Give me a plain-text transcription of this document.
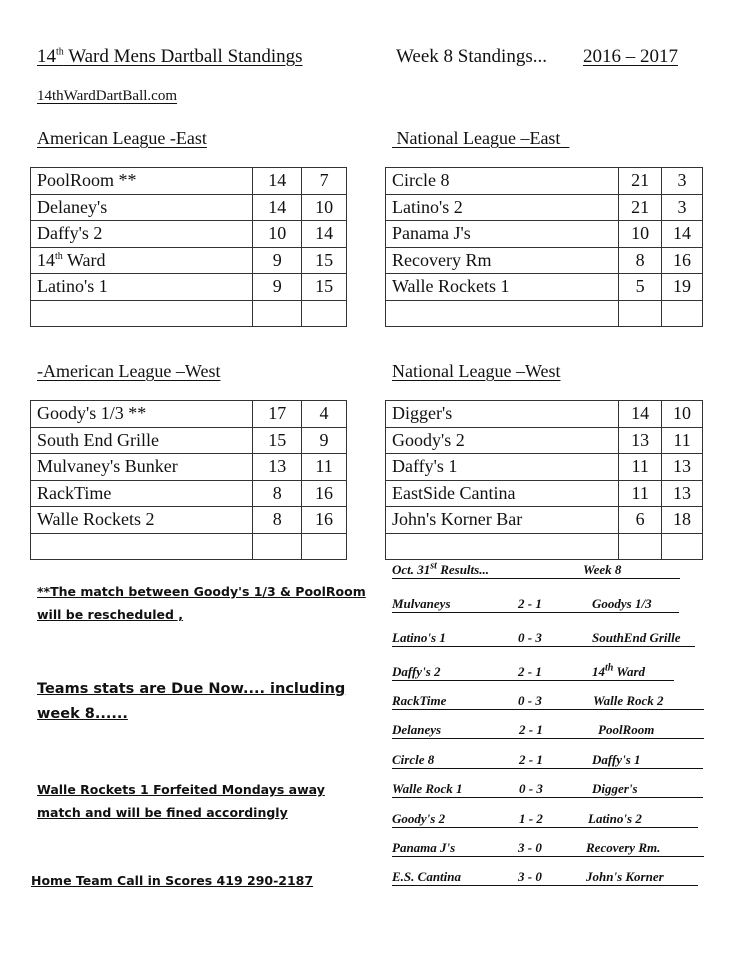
14th Ward Mens Dartball Standings	Week 8 Standings... 2016 – 2017
14thWardDartBall.com
American League -East	National League –East
-American League –West	National League –West
PoolRoom **	14	7
Delaney's	14	10
Daffy's 2	10	14
14th Ward	9	15
Latino's 1	9	15

Circle 8	21	3
Latino's 2	21	3
Panama J's	10	14
Recovery Rm	8	16
Walle Rockets 1	5	19

Goody's 1/3 **	17	4
South End Grille	15	9
Mulvaney's Bunker	13	11
RackTime	8	16
Walle Rockets 2	8	16

Digger's	14	10
Goody's 2	13	11
Daffy's 1	11	13
EastSide Cantina	11	13
John's Korner Bar	6	18

**The match between Goody's 1/3 & PoolRoom
will be rescheduled ,
Teams stats are Due Now.... including
week 8......
Walle Rockets 1 Forfeited Mondays away
match and will be fined accordingly
Home Team Call in Scores 419 290-2187
Oct. 31st Results...	Week 8
Mulvaneys	2 - 1	Goodys 1/3
Latino's 1	0 - 3	SouthEnd Grille
Daffy's 2	2 - 1	14th Ward
RackTime	0 - 3	Walle Rock 2
Delaneys	2 - 1	PoolRoom
Circle 8	2 - 1	Daffy's 1
Walle Rock 1	0 - 3	Digger's
Goody's 2	1 - 2	Latino's 2
Panama J's	3 - 0	Recovery Rm.
E.S. Cantina	3 - 0	John's Korner
